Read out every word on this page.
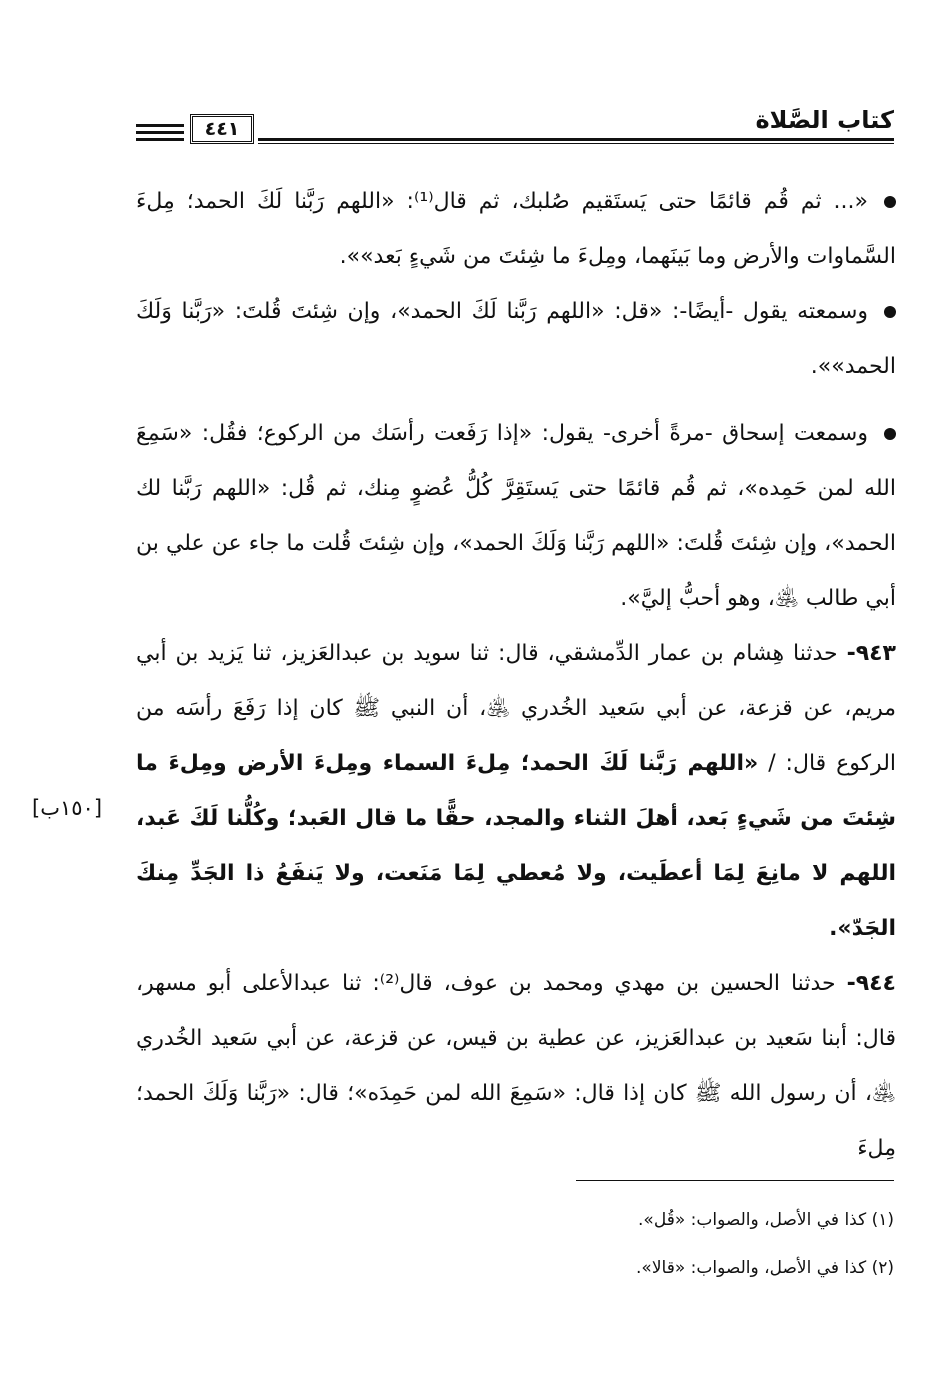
كتاب الصَّلاة
٤٤١
[١٥٠ب]

«... ثم قُم قائمًا حتى يَستَقيم صُلبك، ثم قال⁽¹⁾: «اللهم رَبَّنا لَكَ الحمد؛ مِلءَ السَّماوات والأرض وما بَينَهما، ومِلءَ ما شِئتَ من شَيءٍ بَعد»».

وسمعته يقول -أيضًا-: «قل: «اللهم رَبَّنا لَكَ الحمد»، وإن شِئتَ قُلتَ: «رَبَّنا وَلَكَ الحمد»».

وسمعت إسحاق -مرةً أخرى- يقول: «إذا رَفَعت رأسَك من الركوع؛ فقُل: «سَمِعَ الله لمن حَمِده»، ثم قُم قائمًا حتى يَستَقِرَّ كُلُّ عُضوٍ مِنك، ثم قُل: «اللهم رَبَّنا لك الحمد»، وإن شِئتَ قُلتَ: «اللهم رَبَّنا وَلَكَ الحمد»، وإن شِئتَ قُلت ما جاء عن علي بن أبي طالب ﵁، وهو أحبُّ إليَّ».

٩٤٣- حدثنا هِشام بن عمار الدِّمشقي، قال: ثنا سويد بن عبدالعَزيز، ثنا يَزيد بن أبي مريم، عن قزعة، عن أبي سَعيد الخُدري ﵁، أن النبي ﷺ كان إذا رَفَعَ رأسَه من الركوع قال: / «اللهم رَبَّنا لَكَ الحمد؛ مِلءَ السماء ومِلءَ الأرض ومِلءَ ما شِئتَ من شَيءٍ بَعد، أهلَ الثناء والمجد، حقًّا ما قال العَبد؛ وكُلُّنا لَكَ عَبد، اللهم لا مانِعَ لِمَا أعطَيت، ولا مُعطي لِمَا مَنَعت، ولا يَنفَعُ ذا الجَدِّ مِنكَ الجَدّ».

٩٤٤- حدثنا الحسين بن مهدي ومحمد بن عوف، قال⁽²⁾: ثنا عبدالأعلى أبو مسهر، قال: أبنا سَعيد بن عبدالعَزيز، عن عطية بن قيس، عن قزعة، عن أبي سَعيد الخُدري ﵁، أن رسول الله ﷺ كان إذا قال: «سَمِعَ الله لمن حَمِدَه»؛ قال: «رَبَّنا وَلَكَ الحمد؛ مِلءَ

(١) كذا في الأصل، والصواب: «قُل».

(٢) كذا في الأصل، والصواب: «قالا».
